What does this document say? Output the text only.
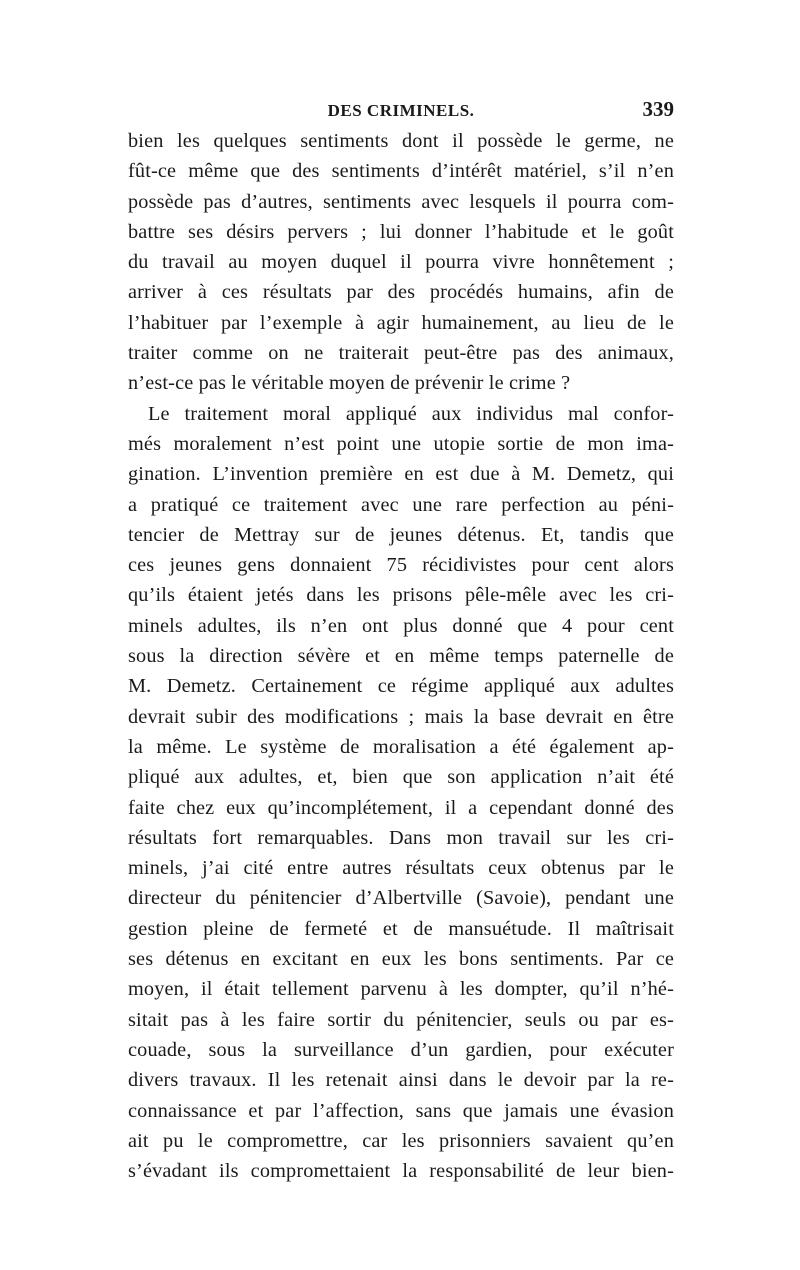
DES CRIMINELS.	339
bien les quelques sentiments dont il possède le germe, ne
fût-ce même que des sentiments d’intérêt matériel, s’il n’en
possède pas d’autres, sentiments avec lesquels il pourra com-
battre ses désirs pervers ; lui donner l’habitude et le goût
du travail au moyen duquel il pourra vivre honnêtement ;
arriver à ces résultats par des procédés humains, afin de
l’habituer par l’exemple à agir humainement, au lieu de le
traiter comme on ne traiterait peut-être pas des animaux,
n’est-ce pas le véritable moyen de prévenir le crime ?
Le traitement moral appliqué aux individus mal confor-
més moralement n’est point une utopie sortie de mon ima-
gination. L’invention première en est due à M. Demetz, qui
a pratiqué ce traitement avec une rare perfection au péni-
tencier de Mettray sur de jeunes détenus. Et, tandis que
ces jeunes gens donnaient 75 récidivistes pour cent alors
qu’ils étaient jetés dans les prisons pêle-mêle avec les cri-
minels adultes, ils n’en ont plus donné que 4 pour cent
sous la direction sévère et en même temps paternelle de
M. Demetz. Certainement ce régime appliqué aux adultes
devrait subir des modifications ; mais la base devrait en être
la même. Le système de moralisation a été également ap-
pliqué aux adultes, et, bien que son application n’ait été
faite chez eux qu’incomplétement, il a cependant donné des
résultats fort remarquables. Dans mon travail sur les cri-
minels, j’ai cité entre autres résultats ceux obtenus par le
directeur du pénitencier d’Albertville (Savoie), pendant une
gestion pleine de fermeté et de mansuétude. Il maîtrisait
ses détenus en excitant en eux les bons sentiments. Par ce
moyen, il était tellement parvenu à les dompter, qu’il n’hé-
sitait pas à les faire sortir du pénitencier, seuls ou par es-
couade, sous la surveillance d’un gardien, pour exécuter
divers travaux. Il les retenait ainsi dans le devoir par la re-
connaissance et par l’affection, sans que jamais une évasion
ait pu le compromettre, car les prisonniers savaient qu’en
s’évadant ils compromettaient la responsabilité de leur bien-
